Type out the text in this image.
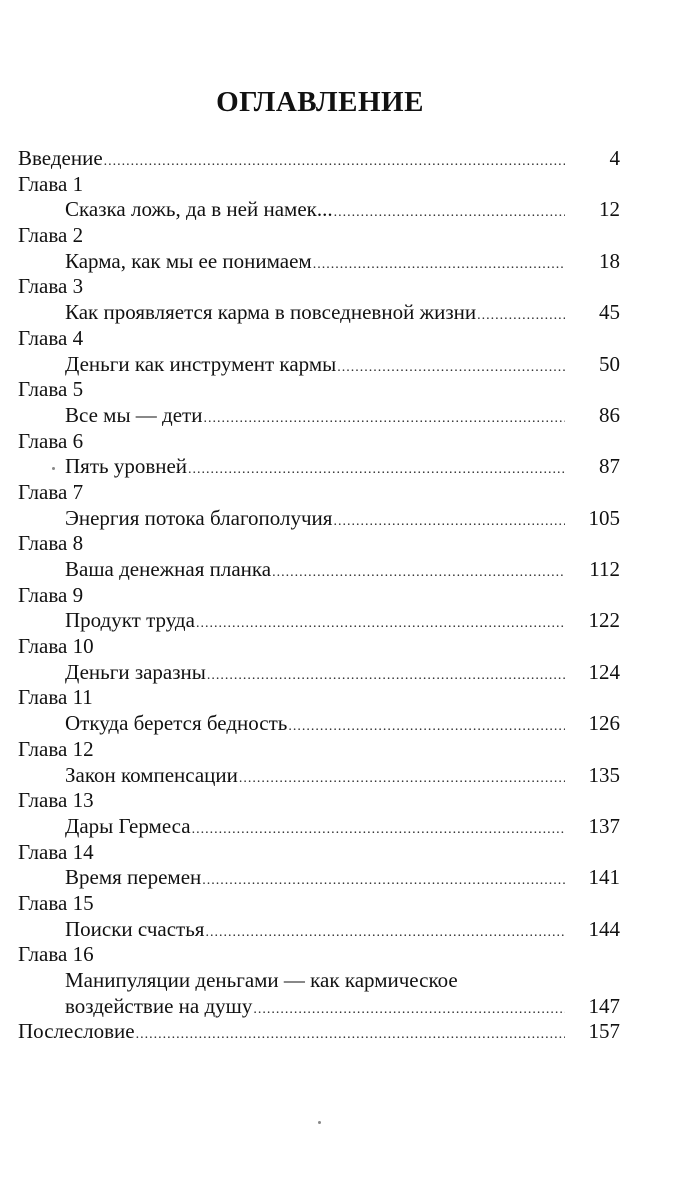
ОГЛАВЛЕНИЕ
Введение .....	4
Глава 1
Сказка ложь, да в ней намек... .....	12
Глава 2
Карма, как мы ее понимаем .....	18
Глава 3
Как проявляется карма в повседневной жизни .....	45
Глава 4
Деньги как инструмент кармы .....	50
Глава 5
Все мы — дети .....	86
Глава 6
Пять уровней .....	87
Глава 7
Энергия потока благополучия .....	105
Глава 8
Ваша денежная планка .....	112
Глава 9
Продукт труда .....	122
Глава 10
Деньги заразны .....	124
Глава 11
Откуда берется бедность .....	126
Глава 12
Закон компенсации .....	135
Глава 13
Дары Гермеса .....	137
Глава 14
Время перемен .....	141
Глава 15
Поиски счастья .....	144
Глава 16
Манипуляции деньгами — как кармическое
воздействие на душу .....	147
Послесловие .....	157
